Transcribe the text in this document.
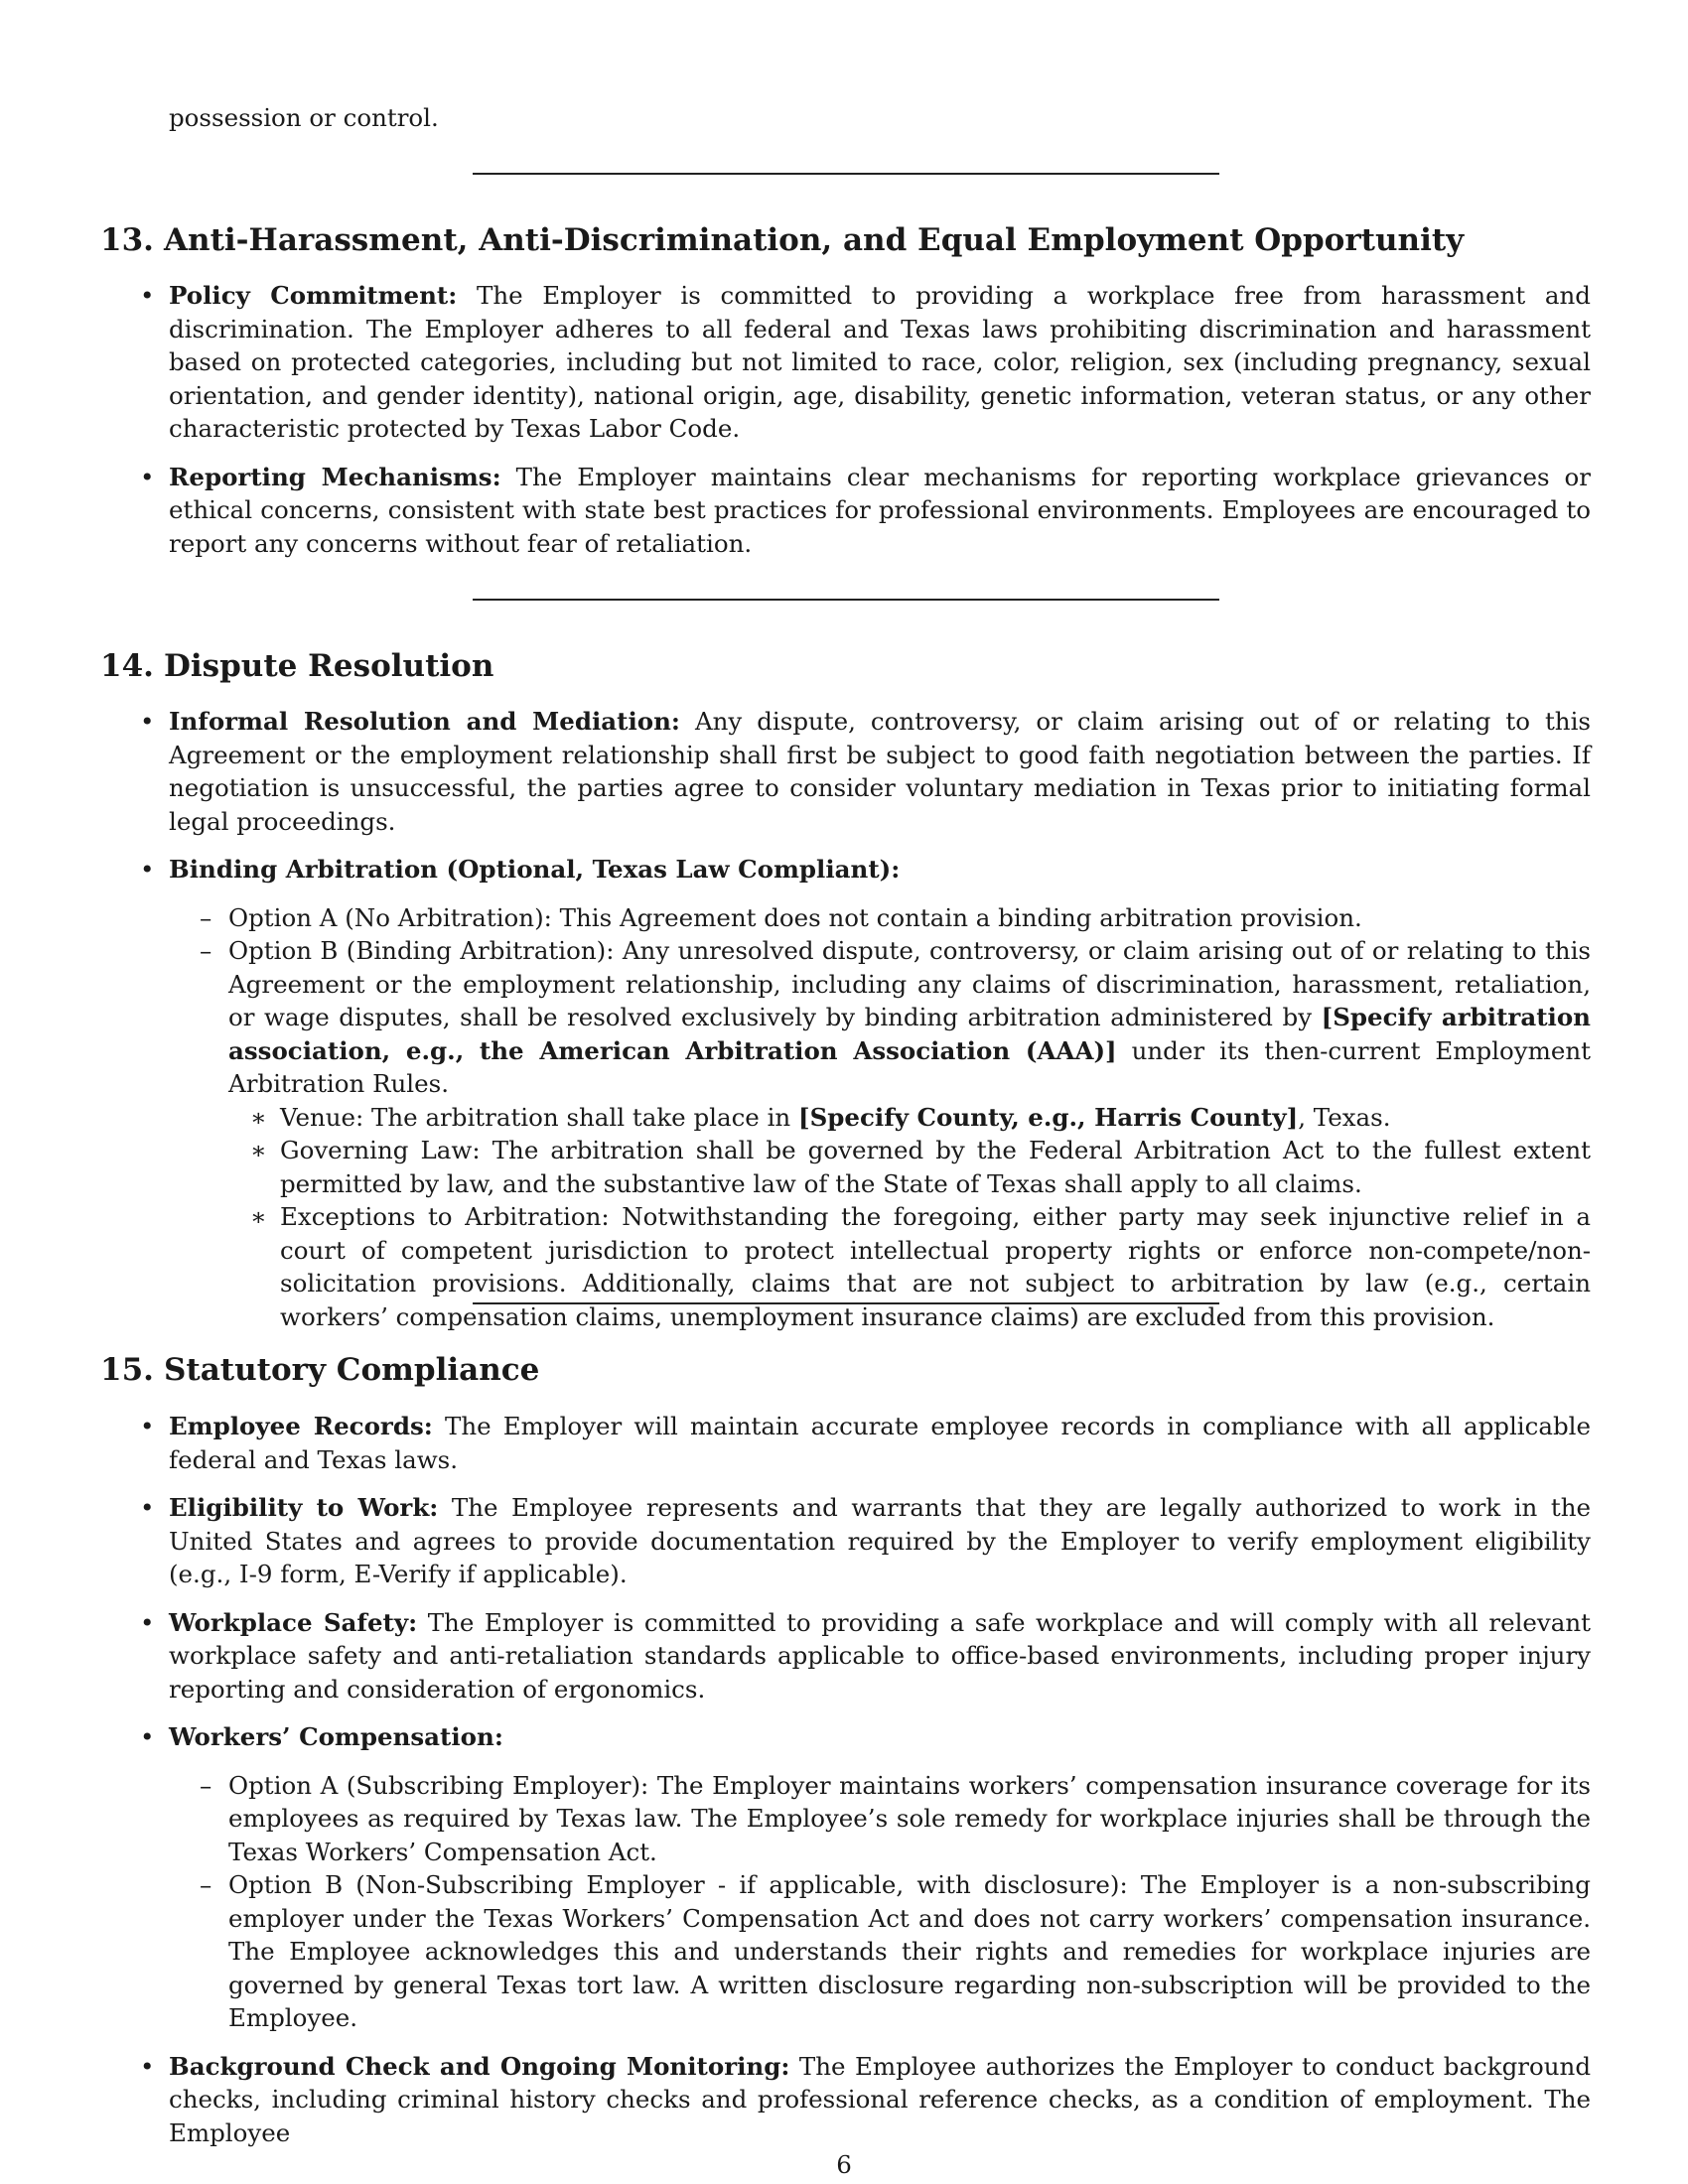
possession or control.
13. Anti-Harassment, Anti-Discrimination, and Equal Employment Opportunity
• Policy Commitment: The Employer is committed to providing a workplace free from harassment and discrimination. The Employer adheres to all federal and Texas laws prohibiting discrimination and harassment based on protected categories, including but not limited to race, color, religion, sex (including pregnancy, sexual orientation, and gender identity), national origin, age, disability, genetic information, veteran status, or any other characteristic protected by Texas Labor Code.
• Reporting Mechanisms: The Employer maintains clear mechanisms for reporting workplace grievances or ethical concerns, consistent with state best practices for professional environments. Employees are encouraged to report any concerns without fear of retaliation.
14. Dispute Resolution
• Informal Resolution and Mediation: Any dispute, controversy, or claim arising out of or relating to this Agreement or the employment relationship shall first be subject to good faith negotiation between the parties. If negotiation is unsuccessful, the parties agree to consider voluntary mediation in Texas prior to initiating formal legal proceedings.
• Binding Arbitration (Optional, Texas Law Compliant):
– Option A (No Arbitration): This Agreement does not contain a binding arbitration provision.
– Option B (Binding Arbitration): Any unresolved dispute, controversy, or claim arising out of or relating to this Agreement or the employment relationship, including any claims of discrimination, harassment, retaliation, or wage disputes, shall be resolved exclusively by binding arbitration administered by [Specify arbitration association, e.g., the American Arbitration Association (AAA)] under its then-current Employment Arbitration Rules.
∗ Venue: The arbitration shall take place in [Specify County, e.g., Harris County], Texas.
∗ Governing Law: The arbitration shall be governed by the Federal Arbitration Act to the fullest extent permitted by law, and the substantive law of the State of Texas shall apply to all claims.
∗ Exceptions to Arbitration: Notwithstanding the foregoing, either party may seek injunctive relief in a court of competent jurisdiction to protect intellectual property rights or enforce non-compete/non-solicitation provisions. Additionally, claims that are not subject to arbitration by law (e.g., certain workers’ compensation claims, unemployment insurance claims) are excluded from this provision.
15. Statutory Compliance
• Employee Records: The Employer will maintain accurate employee records in compliance with all applicable federal and Texas laws.
• Eligibility to Work: The Employee represents and warrants that they are legally authorized to work in the United States and agrees to provide documentation required by the Employer to verify employment eligibility (e.g., I-9 form, E-Verify if applicable).
• Workplace Safety: The Employer is committed to providing a safe workplace and will comply with all relevant workplace safety and anti-retaliation standards applicable to office-based environments, including proper injury reporting and consideration of ergonomics.
• Workers’ Compensation:
– Option A (Subscribing Employer): The Employer maintains workers’ compensation insurance coverage for its employees as required by Texas law. The Employee’s sole remedy for workplace injuries shall be through the Texas Workers’ Compensation Act.
– Option B (Non-Subscribing Employer - if applicable, with disclosure): The Employer is a non-subscribing employer under the Texas Workers’ Compensation Act and does not carry workers’ compensation insurance. The Employee acknowledges this and understands their rights and remedies for workplace injuries are governed by general Texas tort law. A written disclosure regarding non-subscription will be provided to the Employee.
• Background Check and Ongoing Monitoring: The Employee authorizes the Employer to conduct background checks, including criminal history checks and professional reference checks, as a condition of employment. The Employee
6
